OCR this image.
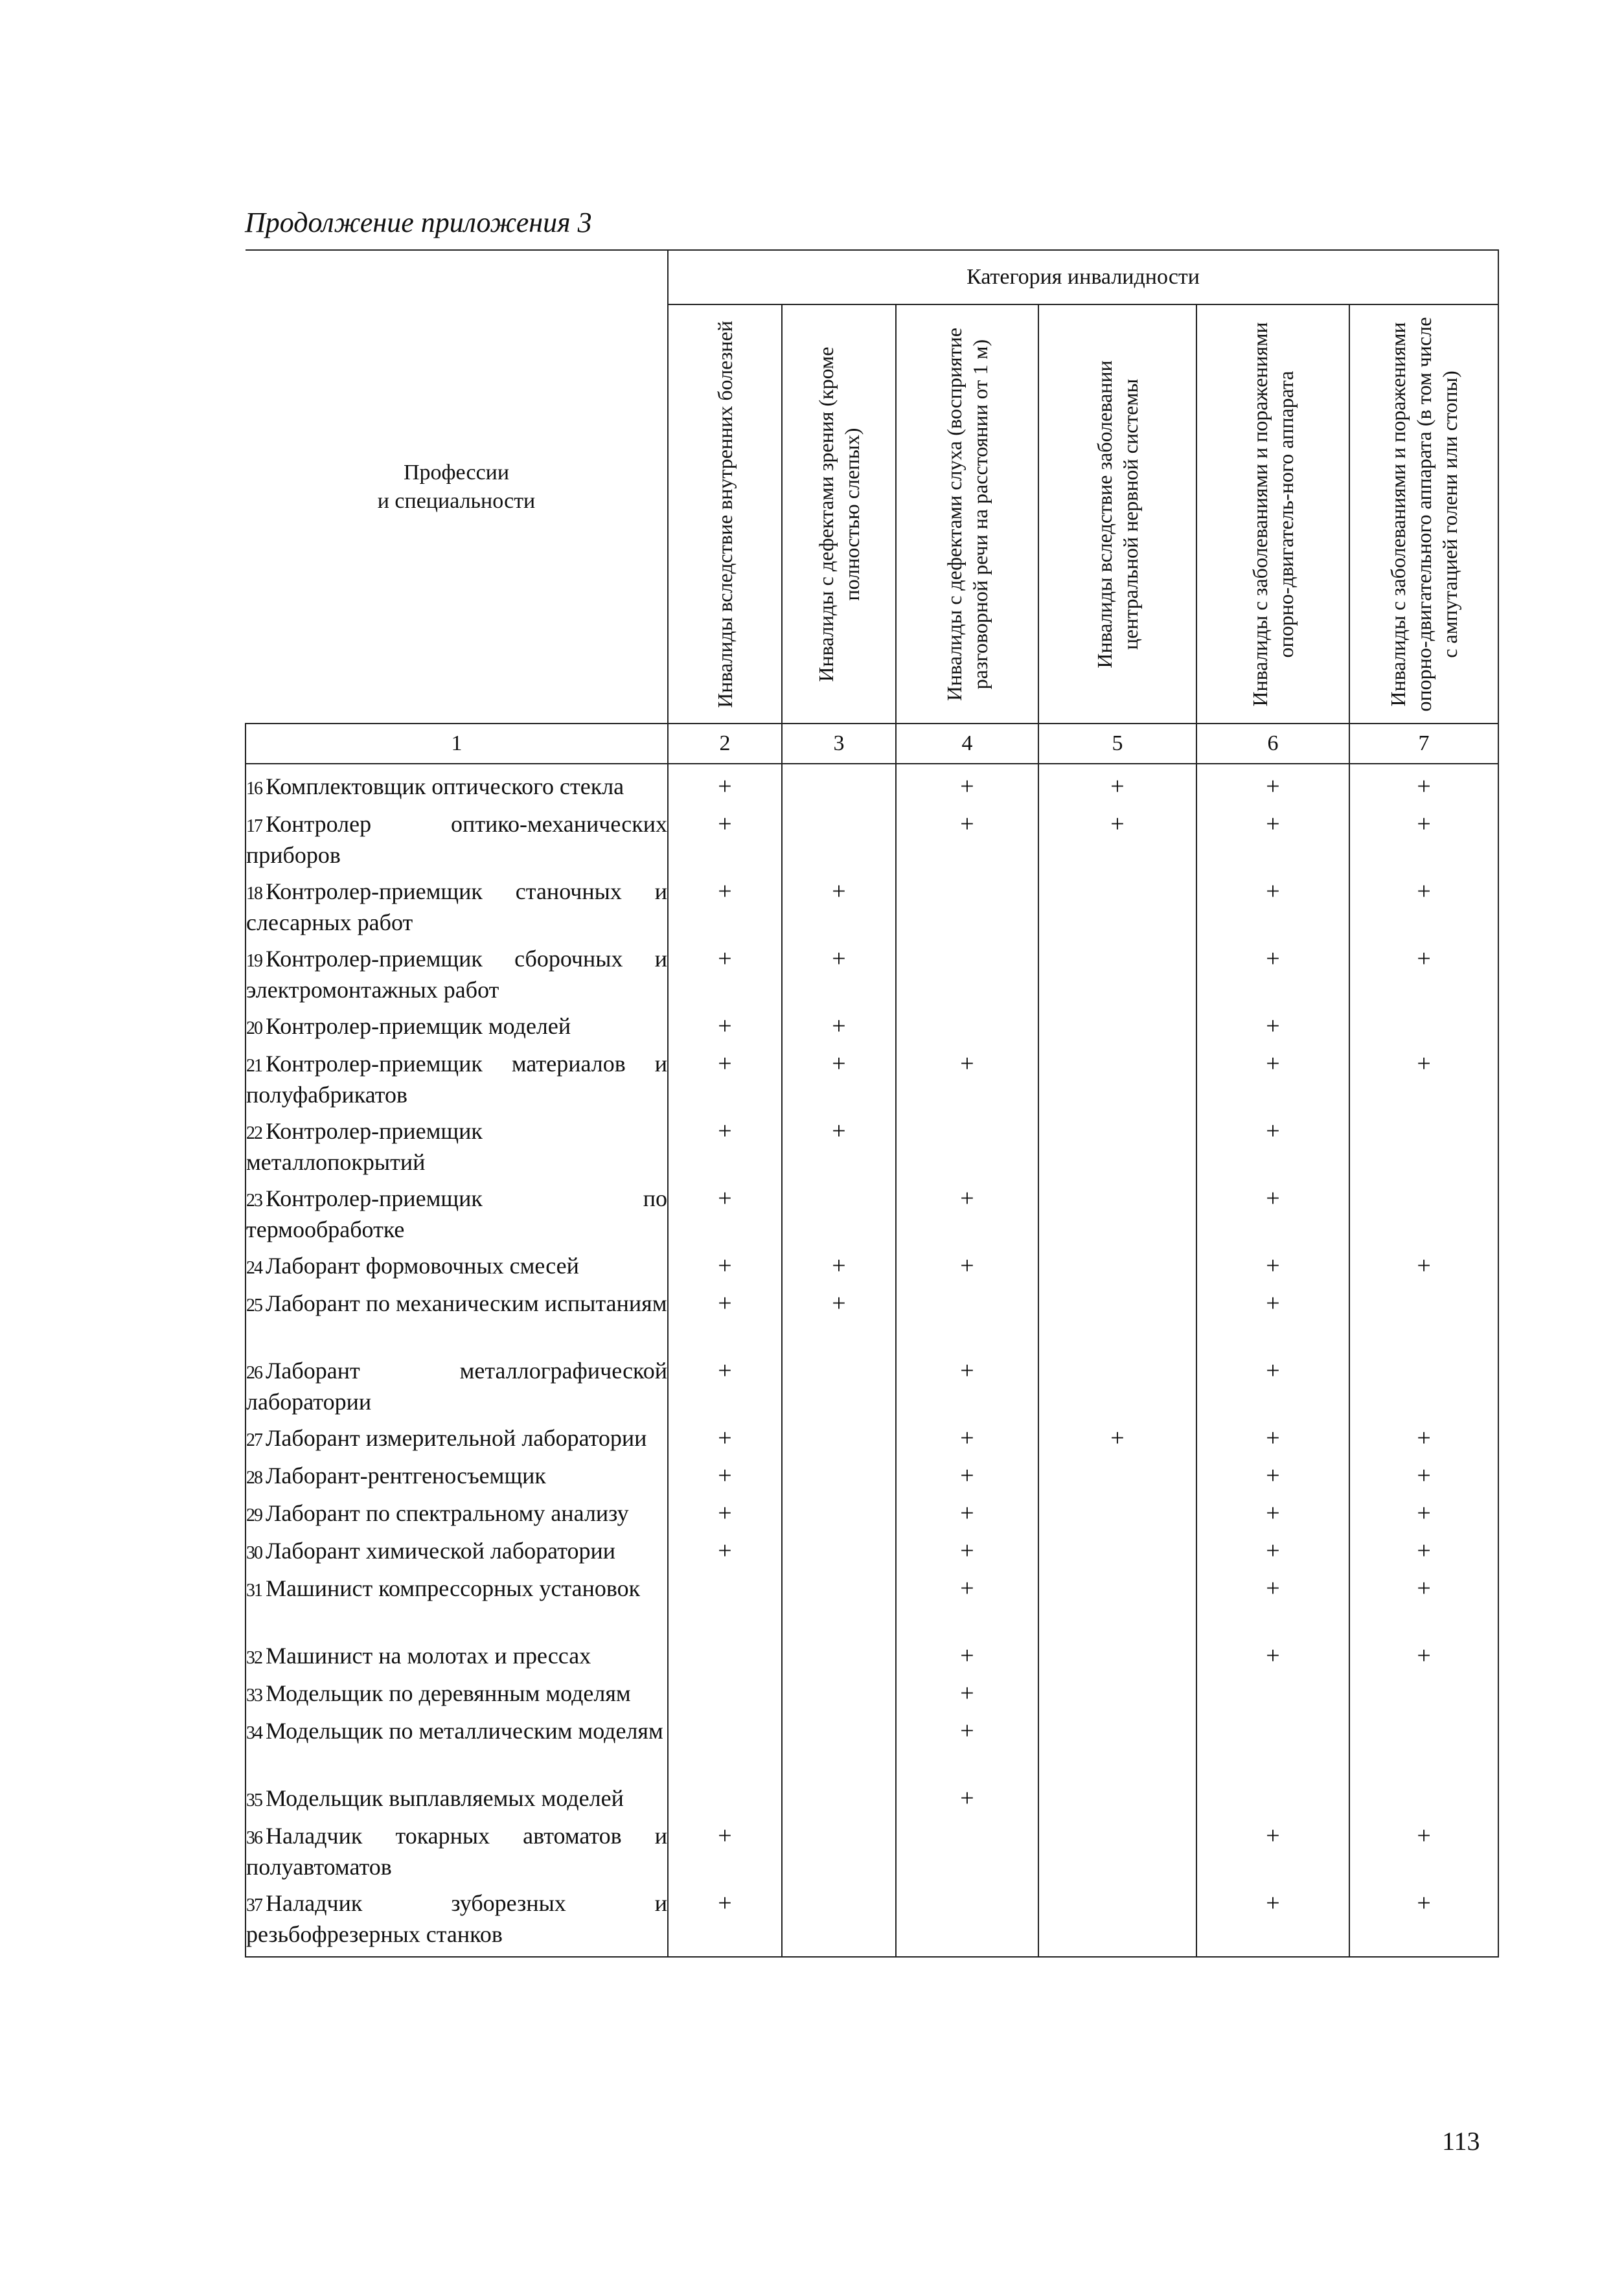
Продолжение приложения 3
Профессии
и специальности	Категория инвалидности					

	Инвалиды вследствие внутренних болезней	Инвалиды с дефектами зрения (кроме полностью слепых)	Инвалиды с дефектами слуха (восприятие разговорной речи на расстоянии от 1 м)	Инвалиды вследствие заболевании центральной нервной системы	Инвалиды с заболеваниями и поражениями опорно-двигатель-ного аппарата	Инвалиды с заболеваниями и поражениями опорно-двигательного аппарата (в том числе с ампутацией голени или стопы)

1	2	3	4	5	6	7
16 Комплектовщик оптического стекла	+		+	+	+	+
17 Контролер оптико-механических приборов	+		+	+	+	+
18 Контролер-приемщик станочных и слесарных работ	+	+			+	+
19 Контролер-приемщик сборочных и электромонтажных работ	+	+			+	+
20 Контролер-приемщик моделей	+	+			+	
21 Контролер-приемщик материалов и полуфабрикатов	+	+	+		+	+
22 Контролер-приемщик металлопокрытий	+	+			+	
23 Контролер-приемщик по термообработке	+		+		+	
24 Лаборант формовочных смесей	+	+	+		+	+
25 Лаборант по механическим испытаниям	+	+			+	
26 Лаборант металлографической лаборатории	+		+		+	
27 Лаборант измерительной лаборатории	+		+	+	+	+
28 Лаборант-рентгеносъемщик	+		+		+	+
29 Лаборант по спектральному анализу	+		+		+	+
30 Лаборант химической лаборатории	+		+		+	+
31 Машинист компрессорных установок			+		+	+
32 Машинист на молотах и прессах			+		+	+
33 Модельщик по деревянным моделям			+			
34 Модельщик по металлическим моделям			+			
35 Модельщик выплавляемых моделей			+			
36 Наладчик токарных автоматов и полуавтоматов	+				+	+
37 Наладчик зуборезных и резьбофрезерных станков	+				+	+
113
